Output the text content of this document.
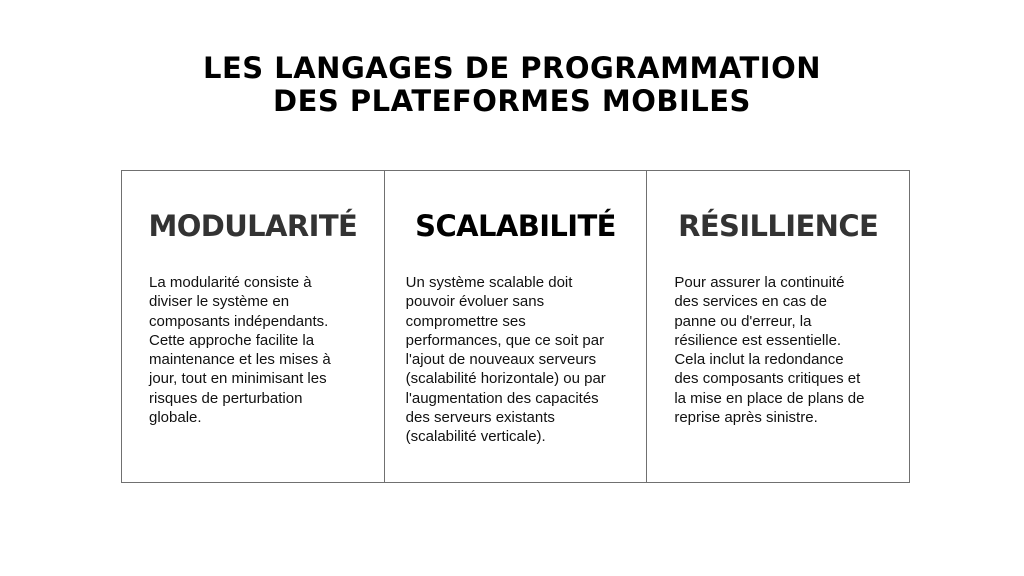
LES LANGAGES DE PROGRAMMATION
DES PLATEFORMES MOBILES
MODULARITÉ
La modularité consiste à
diviser le système en
composants indépendants.
Cette approche facilite la
maintenance et les mises à
jour, tout en minimisant les
risques de perturbation
globale.
SCALABILITÉ
Un système scalable doit
pouvoir évoluer sans
compromettre ses
performances, que ce soit par
l'ajout de nouveaux serveurs
(scalabilité horizontale) ou par
l'augmentation des capacités
des serveurs existants
(scalabilité verticale).
RÉSILLIENCE
Pour assurer la continuité
des services en cas de
panne ou d'erreur, la
résilience est essentielle.
Cela inclut la redondance
des composants critiques et
la mise en place de plans de
reprise après sinistre.
